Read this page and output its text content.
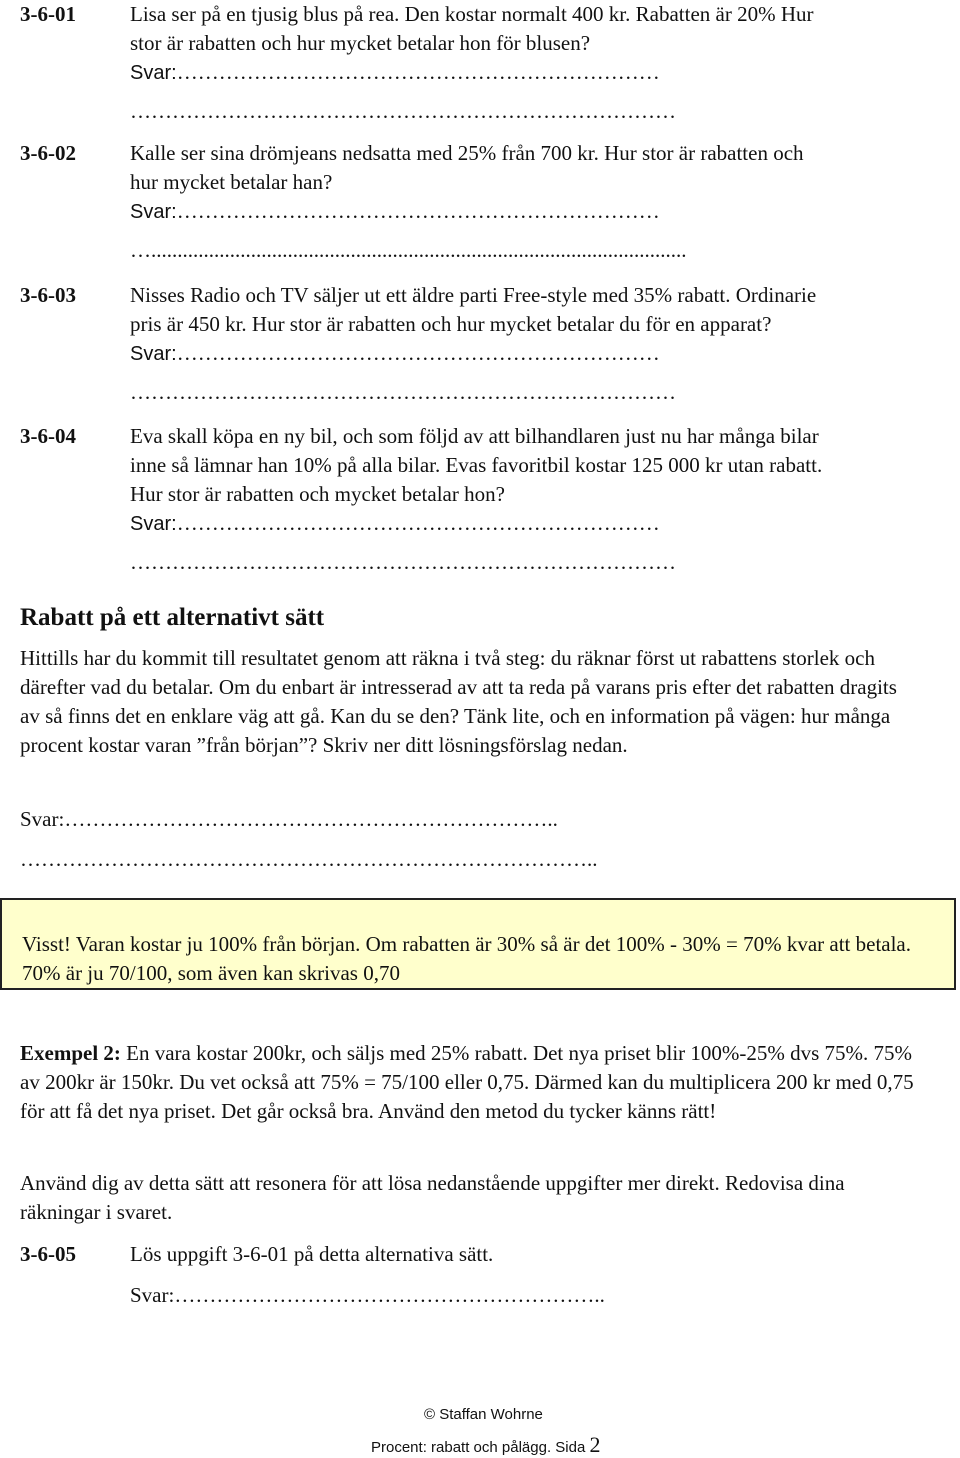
3-6-01	Lisa ser på en tjusig blus på rea. Den kostar normalt 400 kr. Rabatten är 20% Hur
stor är rabatten och hur mycket betalar hon för blusen?
Svar:……………………………………………………………
……………………………………………………………………
3-6-02	Kalle ser sina drömjeans nedsatta med 25% från 700 kr. Hur stor är rabatten och
hur mycket betalar han?
Svar:……………………………………………………………
…......................................................................................................
3-6-03	Nisses Radio och TV säljer ut ett äldre parti Free-style med 35% rabatt. Ordinarie
pris är 450 kr. Hur stor är rabatten och hur mycket betalar du för en apparat?
Svar:……………………………………………………………
……………………………………………………………………
3-6-04	Eva skall köpa en ny bil, och som följd av att bilhandlaren just nu har många bilar
inne så lämnar han 10% på alla bilar. Evas favoritbil kostar 125 000 kr utan rabatt.
Hur stor är rabatten och mycket betalar hon?
Svar:……………………………………………………………
……………………………………………………………………
Rabatt på ett alternativt sätt
Hittills har du kommit till resultatet genom att räkna i två steg: du räknar först ut rabattens storlek och därefter vad du betalar. Om du enbart är intresserad av att ta reda på varans pris efter det rabatten dragits av så finns det en enklare väg att gå. Kan du se den? Tänk lite, och en information på vägen: hur många procent kostar varan ”från början”? Skriv ner ditt lösningsförslag nedan.
Svar:……………………………………………………………..
………………………………………………………………………..
Visst! Varan kostar ju 100% från början. Om rabatten är 30% så är det 100% - 30% = 70% kvar att betala. 70% är ju 70/100, som även kan skrivas 0,70
Exempel 2: En vara kostar 200kr, och säljs med 25% rabatt. Det nya priset blir 100%-25% dvs 75%. 75% av 200kr är 150kr. Du vet också att 75% = 75/100 eller 0,75. Därmed kan du multiplicera 200 kr med 0,75 för att få det nya priset. Det går också bra. Använd den metod du tycker känns rätt!
Använd dig av detta sätt att resonera för att lösa nedanstående uppgifter mer direkt. Redovisa dina räkningar i svaret.
3-6-05	Lös uppgift 3-6-01 på detta alternativa sätt.
Svar:……………………………………………………..
© Staffan Wohrne
Procent: rabatt och pålägg. Sida 2
